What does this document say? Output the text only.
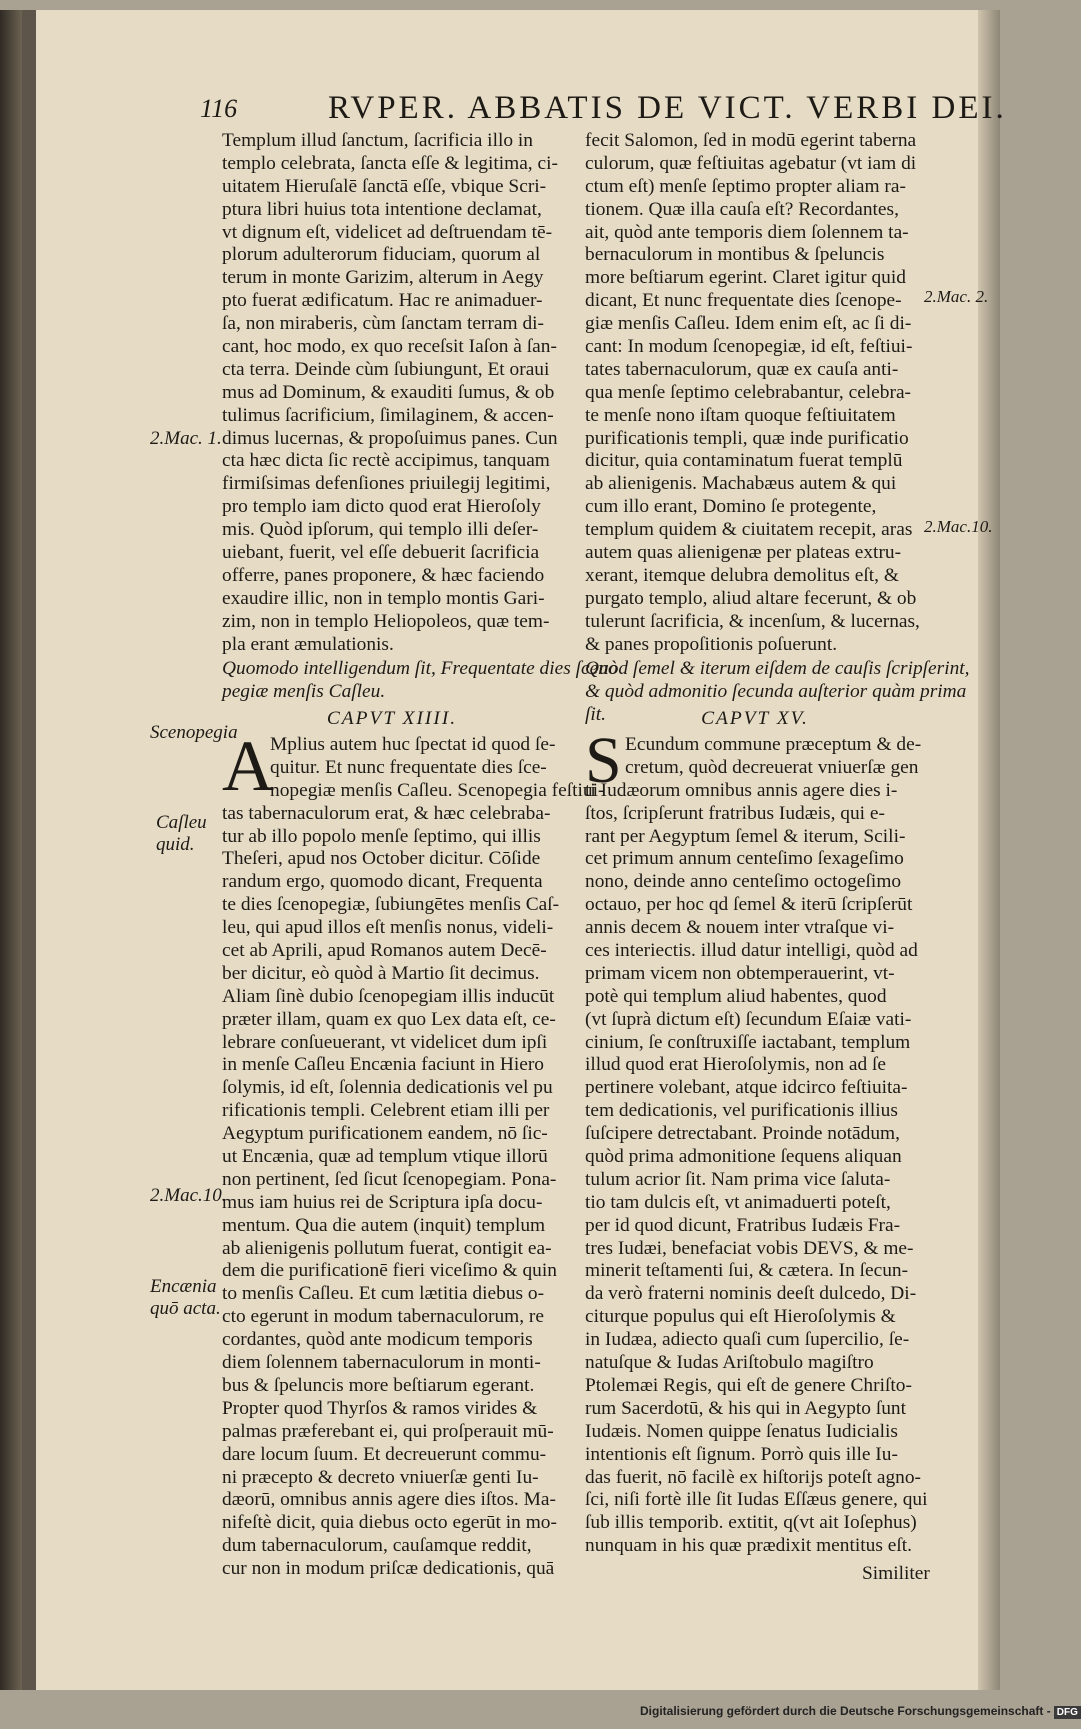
116	RVPER. ABBATIS DE VICT. VERBI DEI.
Templum illud ſanctum, ſacrificia illo in
templo celebrata, ſancta eſſe & legitima, ci-
uitatem Hieruſalē ſanctā eſſe, vbique Scri-
ptura libri huius tota intentione declamat,
vt dignum eſt, videlicet ad deſtruendam tē-
plorum adulterorum fiduciam, quorum al
terum in monte Garizim, alterum in Aegy
pto fuerat ædificatum. Hac re animaduer-
ſa, non miraberis, cùm ſanctam terram di-
cant, hoc modo, ex quo receſsit Iaſon à ſan-
cta terra. Deinde cùm ſubiungunt, Et oraui
mus ad Dominum, & exauditi ſumus, & ob
tulimus ſacrificium, ſimilaginem, & accen-
dimus lucernas, & propoſuimus panes. Cun
cta hæc dicta ſic rectè accipimus, tanquam
firmiſsimas defenſiones priuilegij legitimi,
pro templo iam dicto quod erat Hieroſoly
mis. Quòd ipſorum, qui templo illi deſer-
uiebant, fuerit, vel eſſe debuerit ſacrificia
offerre, panes proponere, & hæc faciendo
exaudire illic, non in templo montis Gari-
zim, non in templo Heliopoleos, quæ tem-
pla erant æmulationis.
Quomodo intelligendum ſit, Frequentate dies ſceno
pegiæ menſis Caſleu.
CAPVT XIIII.
A
Mplius autem huc ſpectat id quod ſe-
quitur. Et nunc frequentate dies ſce-
nopegiæ menſis Caſleu. Scenopegia feſtiui-
tas tabernaculorum erat, & hæc celebraba-
tur ab illo popolo menſe ſeptimo, qui illis
Theſeri, apud nos October dicitur. Cōſide
randum ergo, quomodo dicant, Frequenta
te dies ſcenopegiæ, ſubiungētes menſis Caſ-
leu, qui apud illos eſt menſis nonus, videli-
cet ab Aprili, apud Romanos autem Decē-
ber dicitur, eò quòd à Martio ſit decimus.
Aliam ſinè dubio ſcenopegiam illis inducūt
præter illam, quam ex quo Lex data eſt, ce-
lebrare conſueuerant, vt videlicet dum ipſi
in menſe Caſleu Encænia faciunt in Hiero
ſolymis, id eſt, ſolennia dedicationis vel pu
rificationis templi. Celebrent etiam illi per
Aegyptum purificationem eandem, nō ſic-
ut Encænia, quæ ad templum vtique illorū
non pertinent, ſed ſicut ſcenopegiam. Pona-
mus iam huius rei de Scriptura ipſa docu-
mentum. Qua die autem (inquit) templum
ab alienigenis pollutum fuerat, contigit ea-
dem die purificationē fieri viceſimo & quin
to menſis Caſleu. Et cum lætitia diebus o-
cto egerunt in modum tabernaculorum, re
cordantes, quòd ante modicum temporis
diem ſolennem tabernaculorum in monti-
bus & ſpeluncis more beſtiarum egerant.
Propter quod Thyrſos & ramos virides &
palmas præferebant ei, qui proſperauit mū-
dare locum ſuum. Et decreuerunt commu-
ni præcepto & decreto vniuerſæ genti Iu-
dæorū, omnibus annis agere dies iſtos. Ma-
nifeſtè dicit, quia diebus octo egerūt in mo-
dum tabernaculorum, cauſamque reddit,
cur non in modum priſcæ dedicationis, quā
fecit Salomon, ſed in modū egerint taberna
culorum, quæ feſtiuitas agebatur (vt iam di
ctum eſt) menſe ſeptimo propter aliam ra-
tionem. Quæ illa cauſa eſt? Recordantes,
ait, quòd ante temporis diem ſolennem ta-
bernaculorum in montibus & ſpeluncis
more beſtiarum egerint. Claret igitur quid
dicant, Et nunc frequentate dies ſcenope-
giæ menſis Caſleu. Idem enim eſt, ac ſi di-
cant: In modum ſcenopegiæ, id eſt, feſtiui-
tates tabernaculorum, quæ ex cauſa anti-
qua menſe ſeptimo celebrabantur, celebra-
te menſe nono iſtam quoque feſtiuitatem
purificationis templi, quæ inde purificatio
dicitur, quia contaminatum fuerat templū
ab alienigenis. Machabæus autem & qui
cum illo erant, Domino ſe protegente,
templum quidem & ciuitatem recepit, aras
autem quas alienigenæ per plateas extru-
xerant, itemque delubra demolitus eſt, &
purgato templo, aliud altare fecerunt, & ob
tulerunt ſacrificia, & incenſum, & lucernas,
& panes propoſitionis poſuerunt.
Quòd ſemel & iterum eiſdem de cauſis ſcripſerint,
& quòd admonitio ſecunda auſterior quàm prima
ſit.	CAPVT XV.
S Ecundum commune præceptum & de-
cretum, quòd decreuerat vniuerſæ gen
ti Iudæorum omnibus annis agere dies i-
ſtos, ſcripſerunt fratribus Iudæis, qui e-
rant per Aegyptum ſemel & iterum, Scili-
cet primum annum centeſimo ſexageſimo
nono, deinde anno centeſimo octogeſimo
octauo, per hoc qd ſemel & iterū ſcripſerūt
annis decem & nouem inter vtraſque vi-
ces interiectis. illud datur intelligi, quòd ad
primam vicem non obtemperauerint, vt-
potè qui templum aliud habentes, quod
(vt ſuprà dictum eſt) ſecundum Eſaiæ vati-
cinium, ſe conſtruxiſſe iactabant, templum
illud quod erat Hieroſolymis, non ad ſe
pertinere volebant, atque idcirco feſtiuita-
tem dedicationis, vel purificationis illius
ſuſcipere detrectabant. Proinde notādum,
quòd prima admonitione ſequens aliquan
tulum acrior ſit. Nam prima vice ſaluta-
tio tam dulcis eſt, vt animaduerti poteſt,
per id quod dicunt, Fratribus Iudæis Fra-
tres Iudæi, benefaciat vobis DEVS, & me-
minerit teſtamenti ſui, & cætera. In ſecun-
da verò fraterni nominis deeſt dulcedo, Di-
citurque populus qui eſt Hieroſolymis &
in Iudæa, adiecto quaſi cum ſupercilio, ſe-
natuſque & Iudas Ariſtobulo magiſtro
Ptolemæi Regis, qui eſt de genere Chriſto-
rum Sacerdotū, & his qui in Aegypto ſunt
Iudæis. Nomen quippe ſenatus Iudicialis
intentionis eſt ſignum. Porrò quis ille Iu-
das fuerit, nō facilè ex hiſtorijs poteſt agno-
ſci, niſi fortè ille ſit Iudas Eſſæus genere, qui
ſub illis temporib. extitit, q(vt ait Ioſephus)
nunquam in his quæ prædixit mentitus eſt.
Similiter
2.Mac. 1.
Scenopegia
Caſleu
quid.
2.Mac.10.
Encænia
quō acta.
2.Mac. 2.
2.Mac.10.
Digitalisierung gefördert durch die Deutsche Forschungsgemeinschaft - DFG
